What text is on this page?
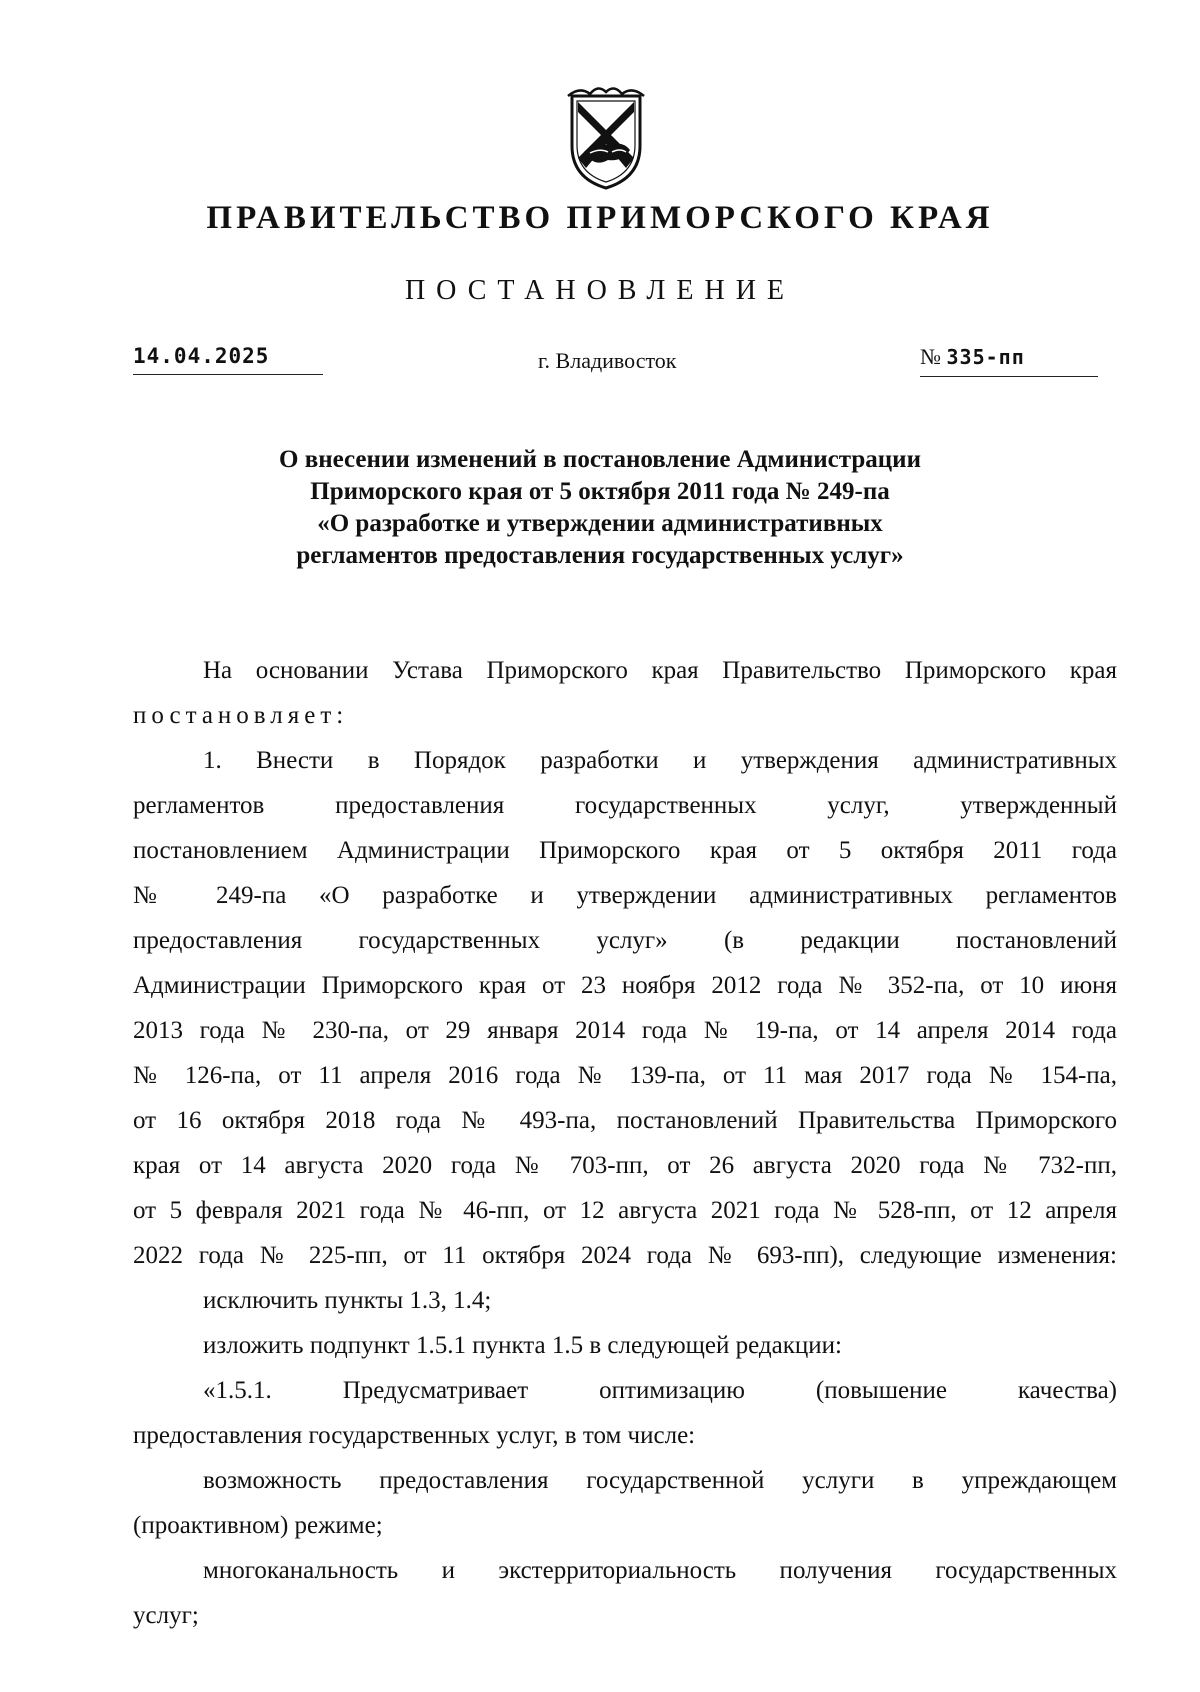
ПРАВИТЕЛЬСТВО ПРИМОРСКОГО КРАЯ
ПОСТАНОВЛЕНИЕ
14.04.2025	г. Владивосток	№ 335-пп
О внесении изменений в постановление Администрации
Приморского края от 5 октября 2011 года № 249-па
«О разработке и утверждении административных
регламентов предоставления государственных услуг»

На основании Устава Приморского края Правительство Приморского края

постановляет:

1. Внести в Порядок разработки и утверждения административных

регламентов предоставления государственных услуг, утвержденный

постановлением Администрации Приморского края от 5 октября 2011 года

№ 249-па «О разработке и утверждении административных регламентов

предоставления государственных услуг» (в редакции постановлений

Администрации Приморского края от 23 ноября 2012 года № 352-па, от 10 июня

2013 года № 230-па, от 29 января 2014 года № 19-па, от 14 апреля 2014 года

№ 126-па, от 11 апреля 2016 года № 139-па, от 11 мая 2017 года № 154-па,

от 16 октября 2018 года № 493-па, постановлений Правительства Приморского

края от 14 августа 2020 года № 703-пп, от 26 августа 2020 года № 732-пп,

от 5 февраля 2021 года № 46-пп, от 12 августа 2021 года № 528-пп, от 12 апреля

2022 года № 225-пп, от 11 октября 2024 года № 693-пп), следующие изменения:

исключить пункты 1.3, 1.4;

изложить подпункт 1.5.1 пункта 1.5 в следующей редакции:

«1.5.1. Предусматривает оптимизацию (повышение качества)

предоставления государственных услуг, в том числе:

возможность предоставления государственной услуги в упреждающем

(проактивном) режиме;

многоканальность и экстерриториальность получения государственных

услуг;
